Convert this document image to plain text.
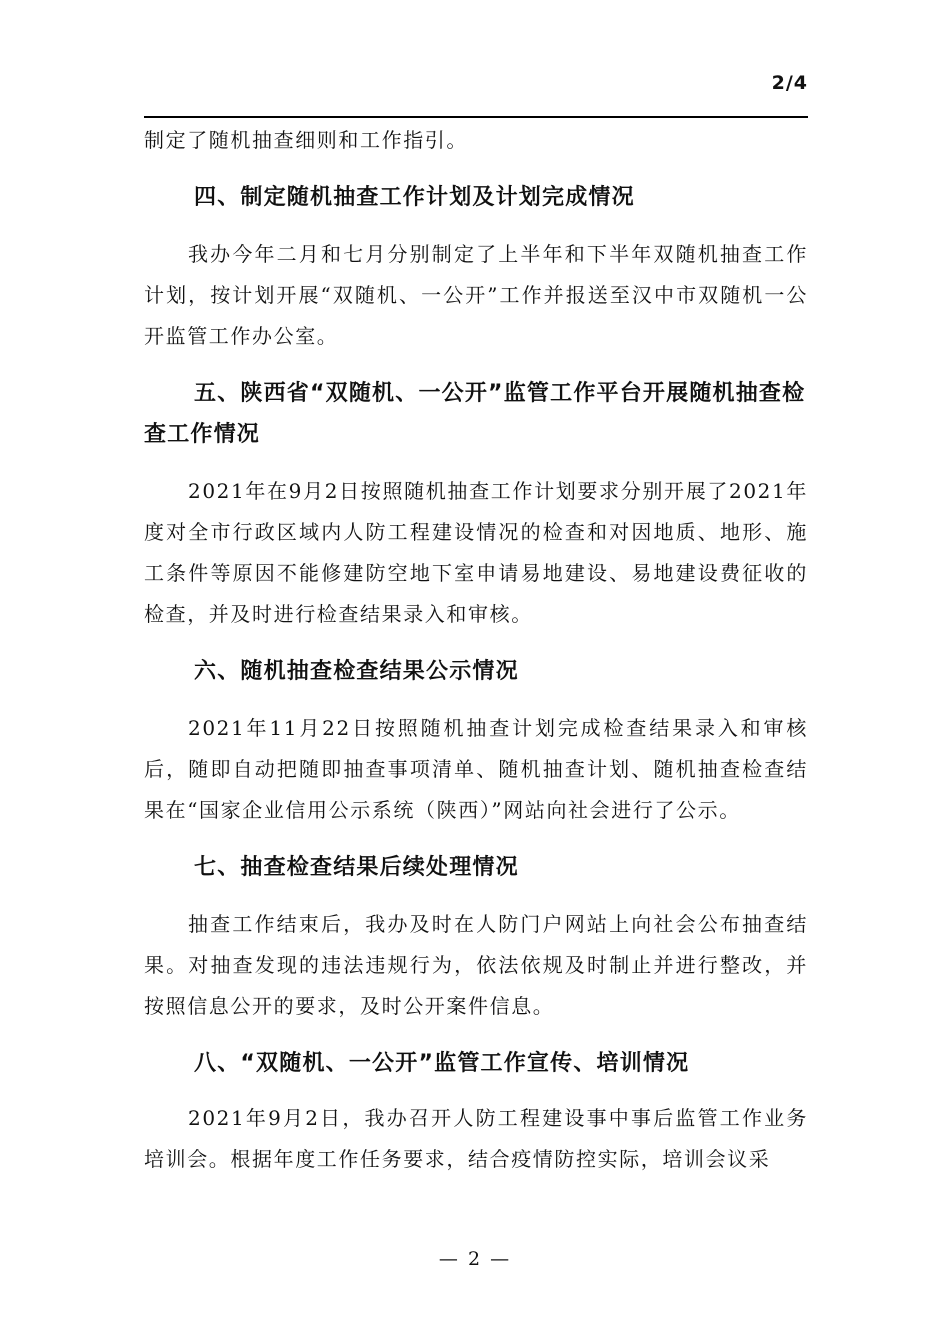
2/4

制定了随机抽查细则和工作指引。

四、制定随机抽查工作计划及计划完成情况

我办今年二月和七月分别制定了上半年和下半年双随机抽查工作计划，按计划开展“双随机、一公开”工作并报送至汉中市双随机一公开监管工作办公室。

五、陕西省“双随机、一公开”监管工作平台开展随机抽查检查工作情况

2021年在9月2日按照随机抽查工作计划要求分别开展了2021年度对全市行政区域内人防工程建设情况的检查和对因地质、地形、施工条件等原因不能修建防空地下室申请易地建设、易地建设费征收的检查，并及时进行检查结果录入和审核。

六、随机抽查检查结果公示情况

2021年11月22日按照随机抽查计划完成检查结果录入和审核后，随即自动把随即抽查事项清单、随机抽查计划、随机抽查检查结果在“国家企业信用公示系统（陕西）”网站向社会进行了公示。

七、抽查检查结果后续处理情况

抽查工作结束后，我办及时在人防门户网站上向社会公布抽查结果。对抽查发现的违法违规行为，依法依规及时制止并进行整改，并按照信息公开的要求，及时公开案件信息。

八、“双随机、一公开”监管工作宣传、培训情况

2021年9月2日，我办召开人防工程建设事中事后监管工作业务培训会。根据年度工作任务要求，结合疫情防控实际，培训会议采

— 2 —
